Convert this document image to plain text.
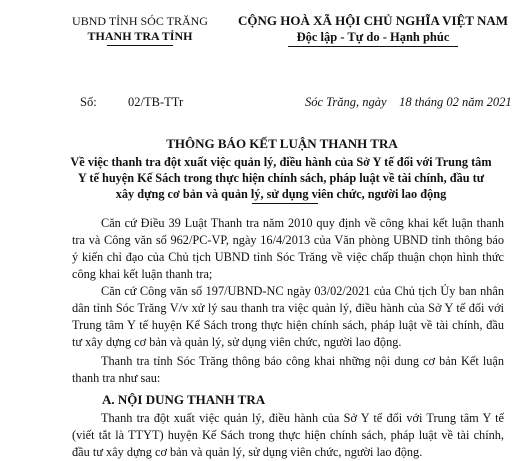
UBND TỈNH SÓC TRĂNG
THANH TRA TỈNH
CỘNG HOÀ XÃ HỘI CHỦ NGHĨA VIỆT NAM
Độc lập - Tự do - Hạnh phúc
Số:	02/TB-TTr	Sóc Trăng, ngày    18 tháng 02 năm 2021
THÔNG BÁO KẾT LUẬN THANH TRA
Về việc thanh tra đột xuất việc quản lý, điều hành của Sở Y tế đối với Trung tâm Y tế huyện Kế Sách trong thực hiện chính sách, pháp luật về tài chính, đầu tư xây dựng cơ bản và quản lý, sử dụng viên chức, người lao động
Căn cứ Điều 39 Luật Thanh tra năm 2010 quy định về công khai kết luận thanh tra và Công văn số 962/PC-VP, ngày 16/4/2013 của Văn phòng UBND tỉnh thông báo ý kiến chỉ đạo của Chủ tịch UBND tỉnh Sóc Trăng về việc chấp thuận chọn hình thức công khai kết luận thanh tra;
Căn cứ Công văn số 197/UBND-NC ngày 03/02/2021 của Chủ tịch Ủy ban nhân dân tỉnh Sóc Trăng V/v xử lý sau thanh tra việc quản lý, điều hành của Sở Y tế đối với Trung tâm Y tế huyện Kế Sách trong thực hiện chính sách, pháp luật về tài chính, đầu tư xây dựng cơ bản và quản lý, sử dụng viên chức, người lao động.
Thanh tra tỉnh Sóc Trăng thông báo công khai những nội dung cơ bản Kết luận thanh tra như sau:
A. NỘI DUNG THANH TRA
Thanh tra đột xuất việc quản lý, điều hành của Sở Y tế đối với Trung tâm Y tế (viết tắt là TTYT) huyện Kế Sách trong thực hiện chính sách, pháp luật về tài chính, đầu tư xây dựng cơ bản và quản lý, sử dụng viên chức, người lao động.
